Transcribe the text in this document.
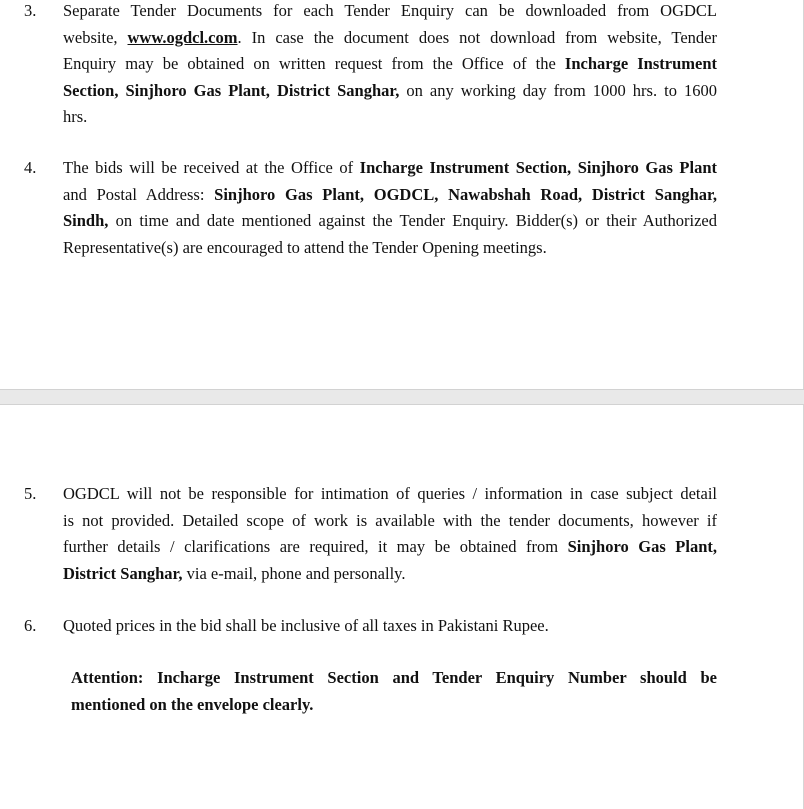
3. Separate Tender Documents for each Tender Enquiry can be downloaded from OGDCL
website, www.ogdcl.com. In case the document does not download from website, Tender
Enquiry may be obtained on written request from the Office of the Incharge Instrument
Section, Sinjhoro Gas Plant, District Sanghar, on any working day from 1000 hrs. to 1600
hrs.
4. The bids will be received at the Office of Incharge Instrument Section, Sinjhoro Gas Plant
and Postal Address: Sinjhoro Gas Plant, OGDCL, Nawabshah Road, District Sanghar,
Sindh, on time and date mentioned against the Tender Enquiry. Bidder(s) or their Authorized
Representative(s) are encouraged to attend the Tender Opening meetings.
5. OGDCL will not be responsible for intimation of queries / information in case subject detail
is not provided. Detailed scope of work is available with the tender documents, however if
further details / clarifications are required, it may be obtained from Sinjhoro Gas Plant,
District Sanghar, via e-mail, phone and personally.
6. Quoted prices in the bid shall be inclusive of all taxes in Pakistani Rupee.
Attention: Incharge Instrument Section and Tender Enquiry Number should be
mentioned on the envelope clearly.
